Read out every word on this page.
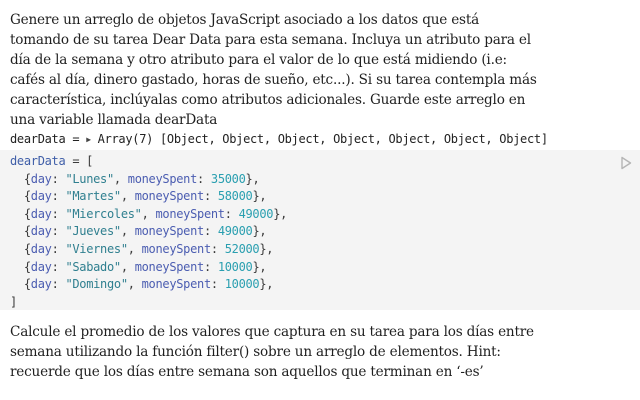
Genere un arreglo de objetos JavaScript asociado a los datos que está tomando de su tarea Dear Data para esta semana. Incluya un atributo para el día de la semana y otro atributo para el valor de lo que está midiendo (i.e: cafés al día, dinero gastado, horas de sueño, etc...). Si su tarea contempla más característica, inclúyalas como atributos adicionales. Guarde este arreglo en una variable llamada dearData

dearData = ▶ Array(7) [Object, Object, Object, Object, Object, Object, Object]
dearData = [
{day: "Lunes", moneySpent: 35000},
{day: "Martes", moneySpent: 58000},
{day: "Miercoles", moneySpent: 49000},
{day: "Jueves", moneySpent: 49000},
{day: "Viernes", moneySpent: 52000},
{day: "Sabado", moneySpent: 10000},
{day: "Domingo", moneySpent: 10000},
]

Calcule el promedio de los valores que captura en su tarea para los días entre semana utilizando la función filter() sobre un arreglo de elementos. Hint: recuerde que los días entre semana son aquellos que terminan en ‘-es’
